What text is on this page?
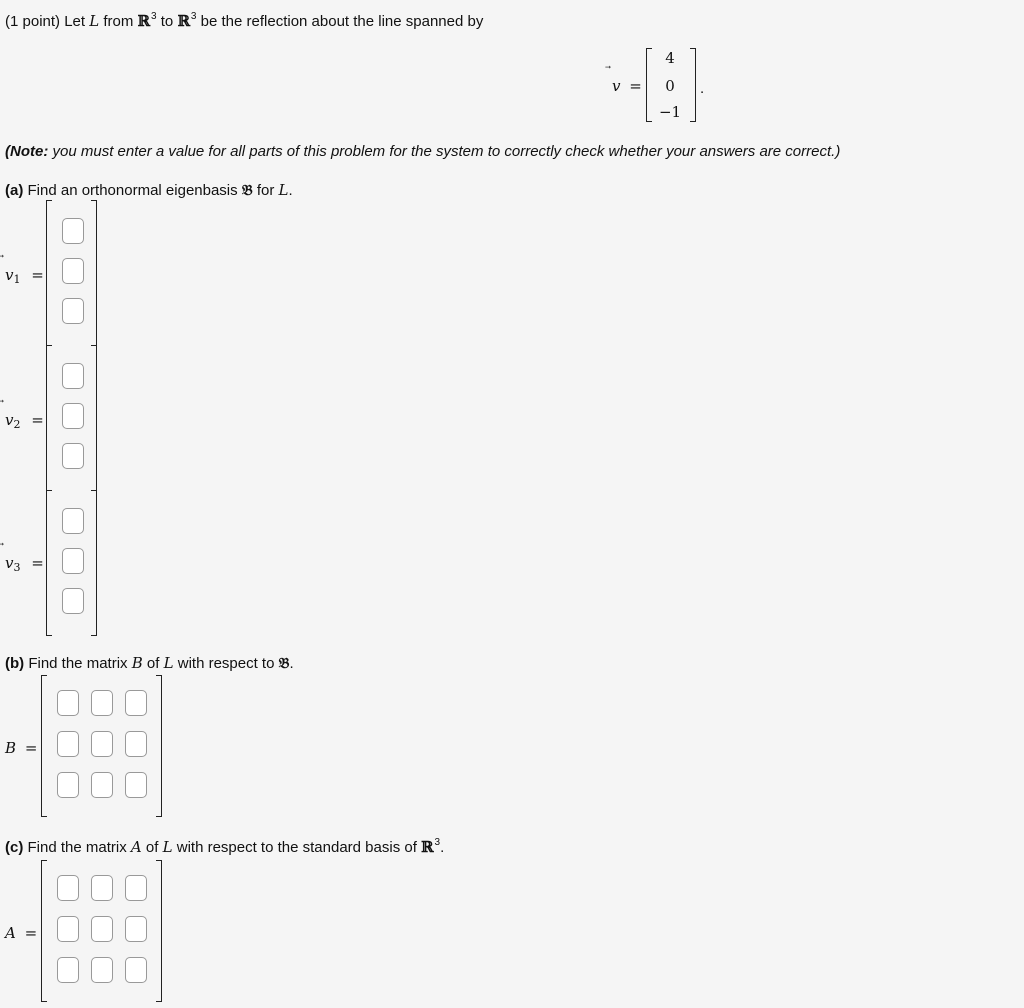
(1 point) Let L from ℝ$^3$ to ℝ$^3$ be the reflection about the line spanned by
v =
4
0
−1
.
(Note: you must enter a value for all parts of this problem for the system to correctly check whether your answers are correct.)
(a) Find an orthonormal eigenbasis 𝔅 for L.
$v_1$ =
$v_2$ =
$v_3$ =
(b) Find the matrix B of L with respect to 𝔅.
B =
(c) Find the matrix A of L with respect to the standard basis of ℝ$^3$.
A =
